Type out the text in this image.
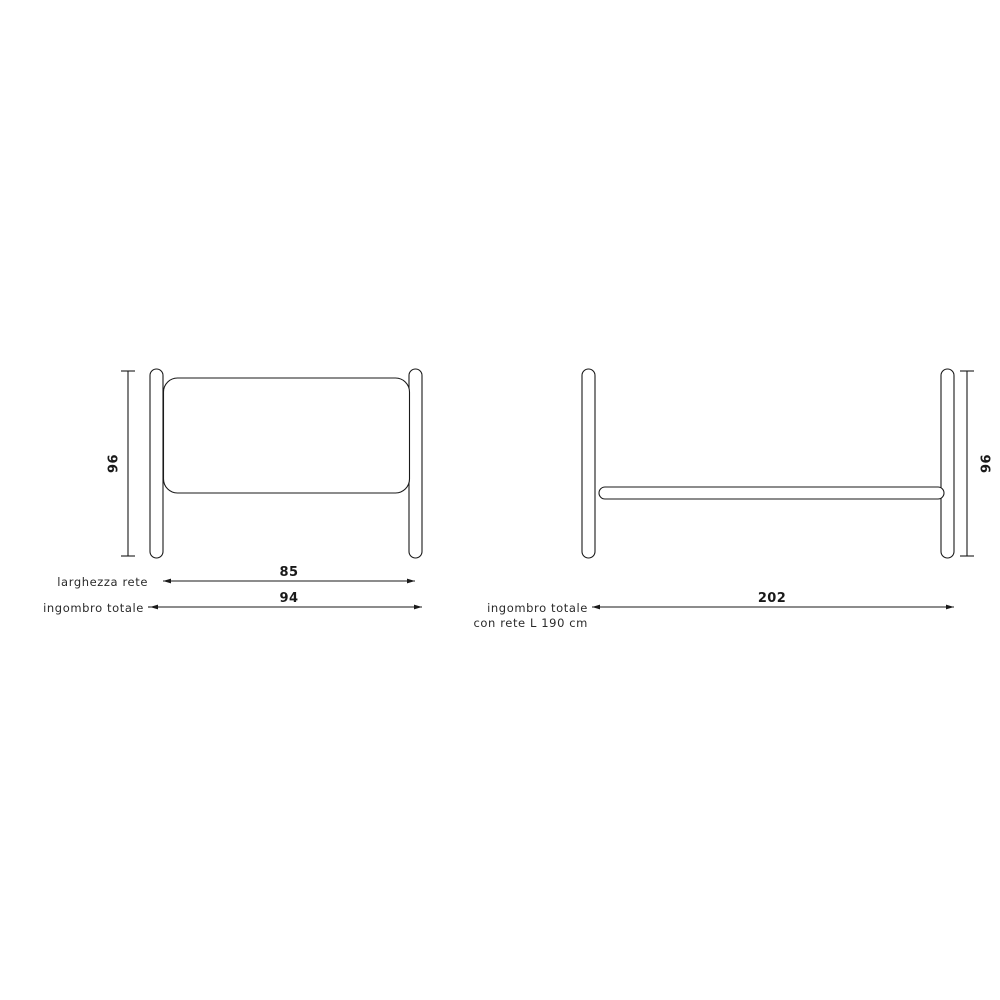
96
85
94
larghezza rete
ingombro totale
96
202
ingombro totale
con rete L 190 cm
